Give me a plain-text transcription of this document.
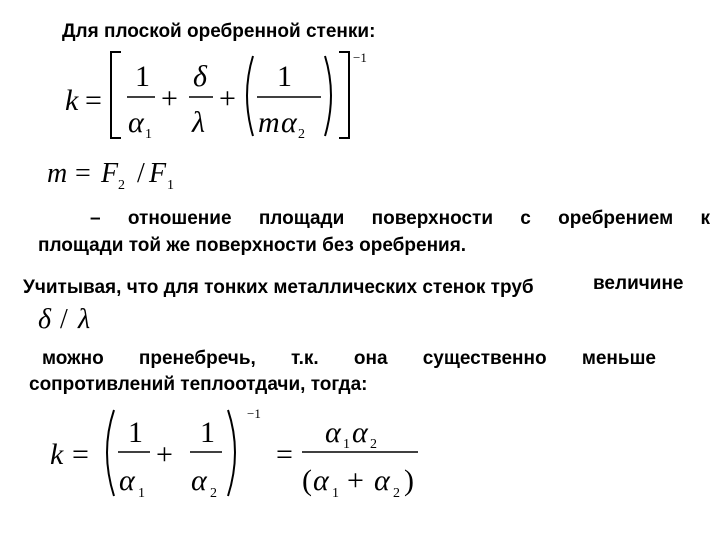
Для плоской оребренной стенки:
k =
1
α 1
+
δ
λ
+
1
m α 2
−1
m = F 2 / F 1
– отношение площади поверхности с оребрением к
площади той же поверхности без оребрения.
Учитывая, что для тонких металлических стенок труб	величине
δ / λ
можно пренебречь, т.к. она существенно меньше
сопротивлений теплоотдачи, тогда:
k =
1
α 1
+
1
α 2
−1
=
α 1 α 2
( α 1 + α 2 )
